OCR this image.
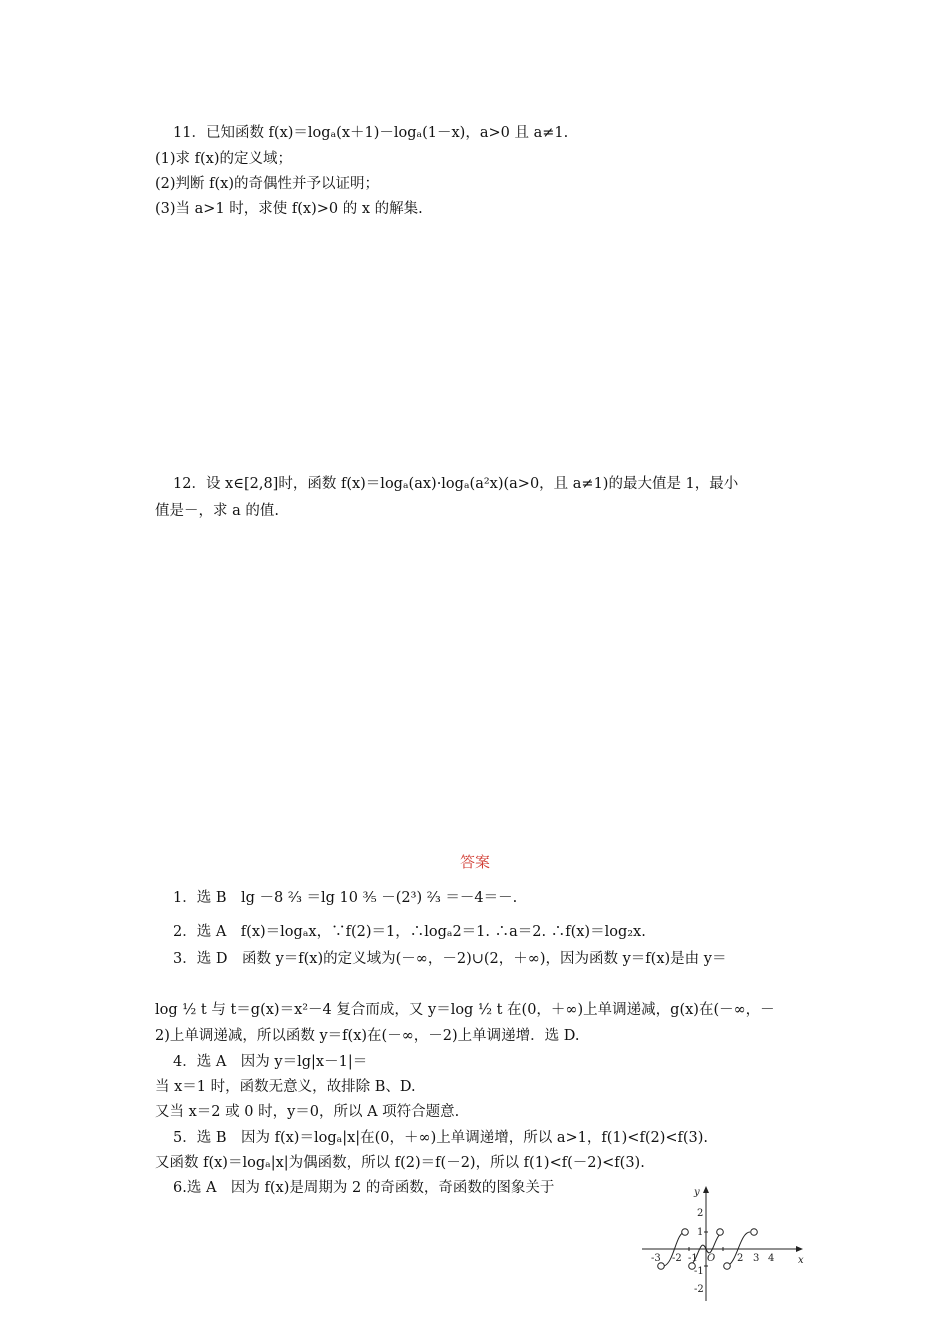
11．已知函数 f(x)＝logₐ(x＋1)－logₐ(1－x)，a>0 且 a≠1.
(1)求 f(x)的定义域；
(2)判断 f(x)的奇偶性并予以证明；
(3)当 a>1 时，求使 f(x)>0 的 x 的解集.
12．设 x∈[2,8]时，函数 f(x)＝logₐ(ax)·logₐ(a²x)(a>0，且 a≠1)的最大值是 1，最小
值是－，求 a 的值.
答案
1．选 B　lg －8 ²⁄₃ ＝lg 10 ³⁄₅ －(2³) ²⁄₃ ＝－4＝－.
2．选 A　f(x)＝logₐx，∵f(2)＝1，∴logₐ2＝1. ∴a＝2. ∴f(x)＝log₂x.
3．选 D　函数 y＝f(x)的定义域为(－∞，－2)∪(2，＋∞)，因为函数 y＝f(x)是由 y＝
log ½ t 与 t＝g(x)＝x²－4 复合而成，又 y＝log ½ t 在(0，＋∞)上单调递减，g(x)在(－∞，－
2)上单调递减，所以函数 y＝f(x)在(－∞，－2)上单调递增．选 D.
4．选 A　因为 y＝lg|x－1|＝
当 x＝1 时，函数无意义，故排除 B、D.
又当 x＝2 或 0 时，y＝0，所以 A 项符合题意.
5．选 B　因为 f(x)＝logₐ|x|在(0，＋∞)上单调递增，所以 a>1，f(1)<f(2)<f(3).
又函数 f(x)＝logₐ|x|为偶函数，所以 f(2)＝f(－2)，所以 f(1)<f(－2)<f(3).
6.选 A　因为 f(x)是周期为 2 的奇函数，奇函数的图象关于	y
x
O
-3 -2 -1	2 3 4
2
1
-1
-2
